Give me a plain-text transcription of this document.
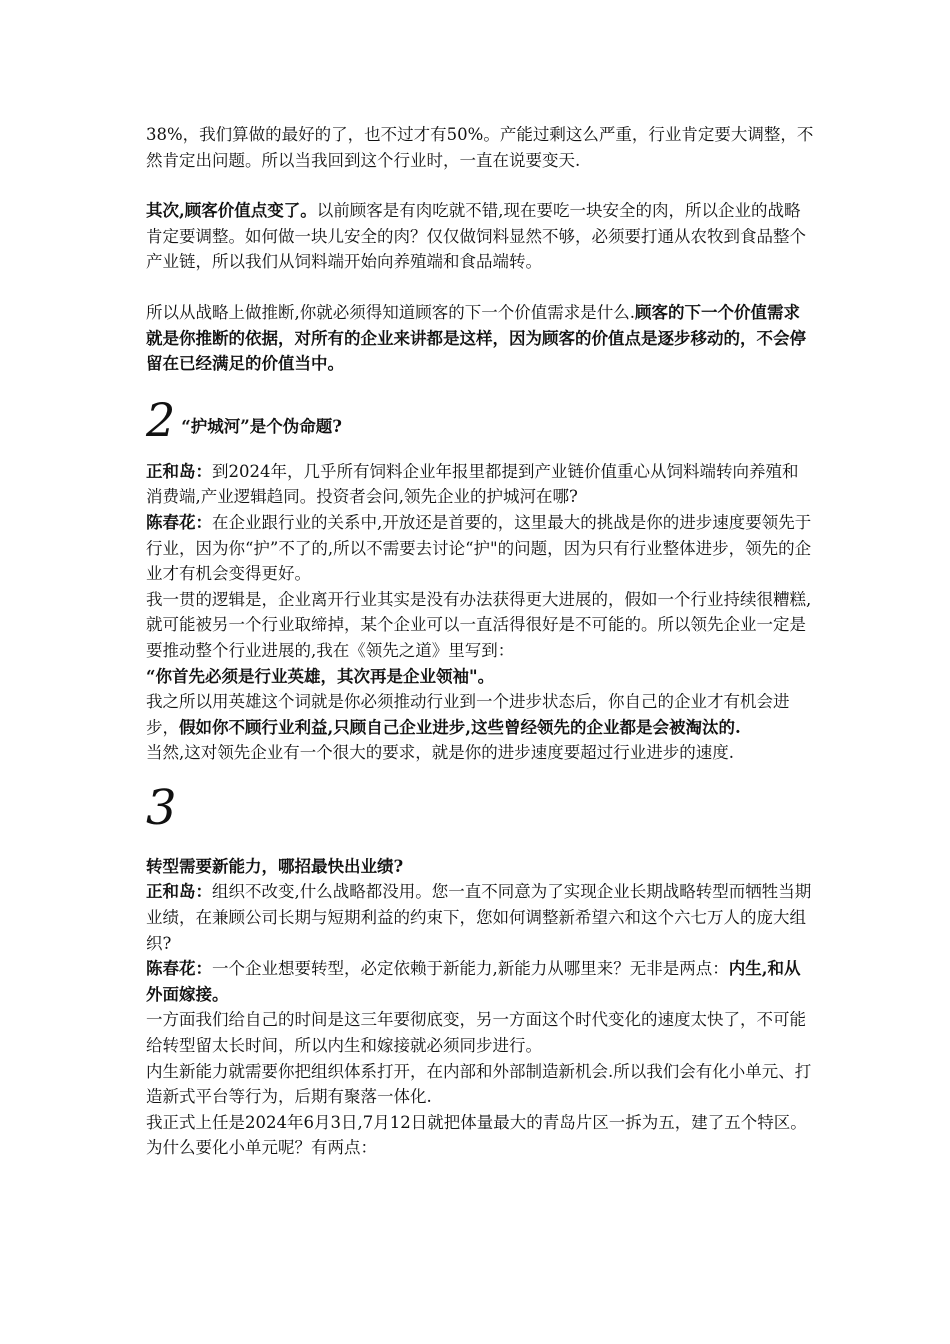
38%，我们算做的最好的了，也不过才有50%。产能过剩这么严重，行业肯定要大调整，不然肯定出问题。所以当我回到这个行业时，一直在说要变天.

其次,顾客价值点变了。以前顾客是有肉吃就不错,现在要吃一块安全的肉，所以企业的战略肯定要调整。如何做一块儿安全的肉？仅仅做饲料显然不够，必须要打通从农牧到食品整个产业链，所以我们从饲料端开始向养殖端和食品端转。

所以从战略上做推断,你就必须得知道顾客的下一个价值需求是什么.顾客的下一个价值需求就是你推断的依据，对所有的企业来讲都是这样，因为顾客的价值点是逐步移动的，不会停留在已经满足的价值当中。

2 “护城河”是个伪命题?

正和岛：到2024年，几乎所有饲料企业年报里都提到产业链价值重心从饲料端转向养殖和消费端,产业逻辑趋同。投资者会问,领先企业的护城河在哪?

陈春花：在企业跟行业的关系中,开放还是首要的，这里最大的挑战是你的进步速度要领先于行业，因为你“护”不了的,所以不需要去讨论“护"的问题，因为只有行业整体进步，领先的企业才有机会变得更好。

我一贯的逻辑是，企业离开行业其实是没有办法获得更大进展的，假如一个行业持续很糟糕,就可能被另一个行业取缔掉，某个企业可以一直活得很好是不可能的。所以领先企业一定是要推动整个行业进展的,我在《领先之道》里写到：

“你首先必须是行业英雄，其次再是企业领袖"。

我之所以用英雄这个词就是你必须推动行业到一个进步状态后，你自己的企业才有机会进步，假如你不顾行业利益,只顾自己企业进步,这些曾经领先的企业都是会被淘汰的.

当然,这对领先企业有一个很大的要求，就是你的进步速度要超过行业进步的速度.

3

转型需要新能力，哪招最快出业绩?

正和岛：组织不改变,什么战略都没用。您一直不同意为了实现企业长期战略转型而牺牲当期业绩，在兼顾公司长期与短期利益的约束下，您如何调整新希望六和这个六七万人的庞大组织?

陈春花：一个企业想要转型，必定依赖于新能力,新能力从哪里来？无非是两点：内生,和从外面嫁接。

一方面我们给自己的时间是这三年要彻底变，另一方面这个时代变化的速度太快了，不可能给转型留太长时间，所以内生和嫁接就必须同步进行。

内生新能力就需要你把组织体系打开，在内部和外部制造新机会.所以我们会有化小单元、打造新式平台等行为，后期有聚落一体化.

我正式上任是2024年6月3日,7月12日就把体量最大的青岛片区一拆为五，建了五个特区。为什么要化小单元呢？有两点：
